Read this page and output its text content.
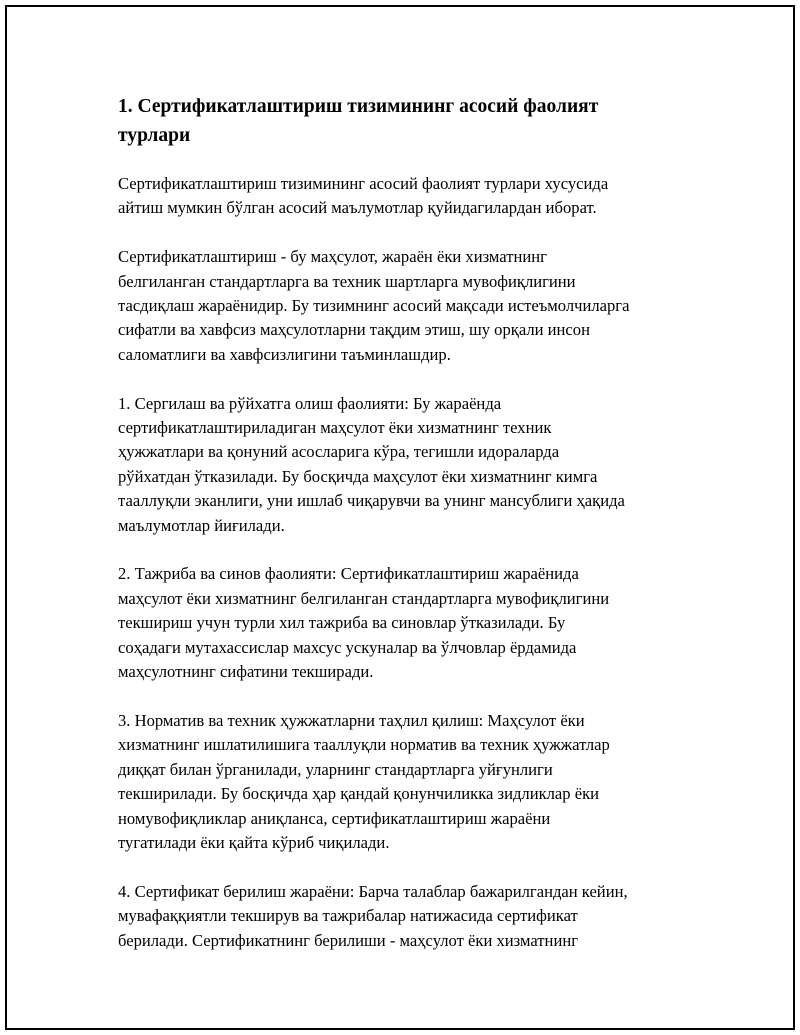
1. Сертификатлаштириш тизимининг асосий фаолият
турлари

Сертификатлаштириш тизимининг асосий фаолият турлари хусусида
айтиш мумкин бўлган асосий маълумотлар қуйидагилардан иборат.

Сертификатлаштириш - бу маҳсулот, жараён ёки хизматнинг
белгиланган стандартларга ва техник шартларга мувофиқлигини
тасдиқлаш жараёнидир. Бу тизимнинг асосий мақсади истеъмолчиларга
сифатли ва хавфсиз маҳсулотларни тақдим этиш, шу орқали инсон
саломатлиги ва хавфсизлигини таъминлашдир.

1. Сергилаш ва рўйхатга олиш фаолияти: Бу жараёнда
сертификатлаштириладиган маҳсулот ёки хизматнинг техник
ҳужжатлари ва қонуний асосларига кўра, тегишли идораларда
рўйхатдан ўтказилади. Бу босқичда маҳсулот ёки хизматнинг кимга
тааллуқли эканлиги, уни ишлаб чиқарувчи ва унинг мансублиги ҳақида
маълумотлар йиғилади.

2. Тажриба ва синов фаолияти: Сертификатлаштириш жараёнида
маҳсулот ёки хизматнинг белгиланган стандартларга мувофиқлигини
текшириш учун турли хил тажриба ва синовлар ўтказилади. Бу
соҳадаги мутахассислар махсус ускуналар ва ўлчовлар ёрдамида
маҳсулотнинг сифатини текширади.

3. Норматив ва техник ҳужжатларни таҳлил қилиш: Маҳсулот ёки
хизматнинг ишлатилишига тааллуқли норматив ва техник ҳужжатлар
диққат билан ўрганилади, уларнинг стандартларга уйғунлиги
текширилади. Бу босқичда ҳар қандай қонунчиликка зидликлар ёки
номувофиқликлар аниқланса, сертификатлаштириш жараёни
тугатилади ёки қайта кўриб чиқилади.

4. Сертификат берилиш жараёни: Барча талаблар бажарилгандан кейин,
мувафаққиятли текширув ва тажрибалар натижасида сертификат
берилади. Сертификатнинг берилиши - маҳсулот ёки хизматнинг
